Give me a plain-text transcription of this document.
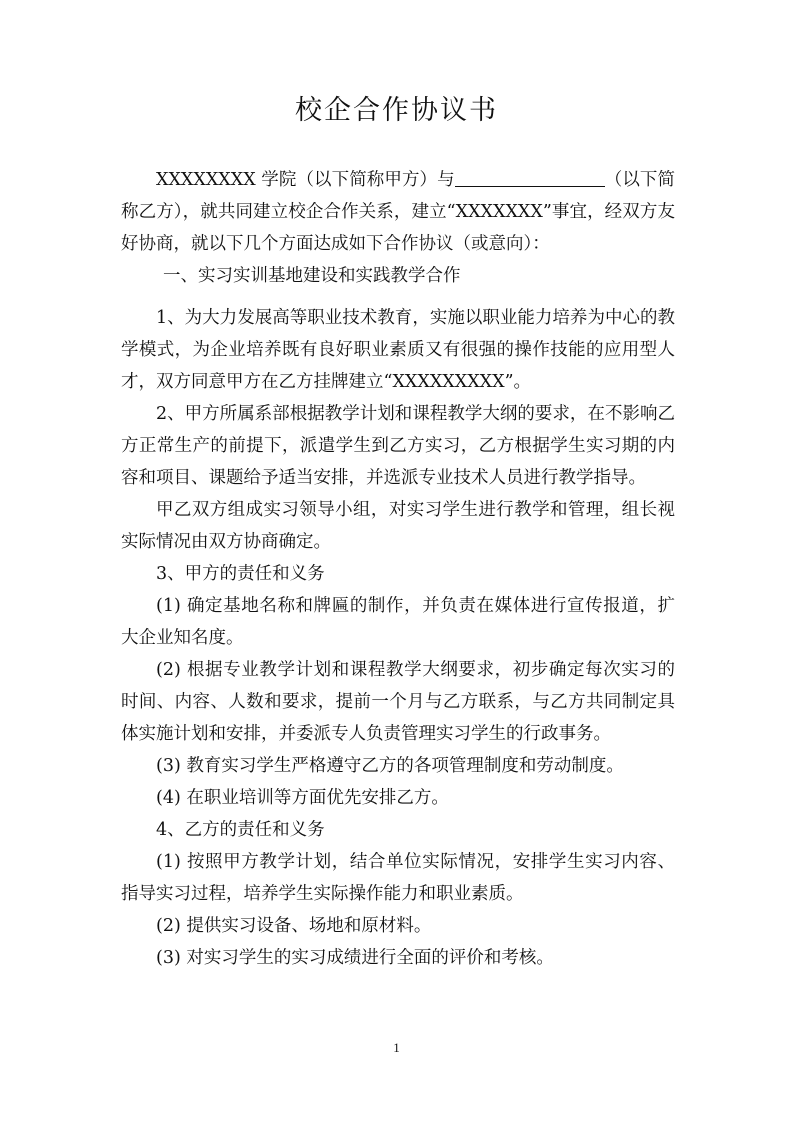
校企合作协议书

XXXXXXXX 学院（以下简称甲方）与	（以下简称乙方），就共同建立校企合作关系，建立“XXXXXXX”事宜，经双方友好协商，就以下几个方面达成如下合作协议（或意向）：

一、实习实训基地建设和实践教学合作

1、为大力发展高等职业技术教育，实施以职业能力培养为中心的教学模式，为企业培养既有良好职业素质又有很强的操作技能的应用型人才，双方同意甲方在乙方挂牌建立“XXXXXXXXX”。

2、甲方所属系部根据教学计划和课程教学大纲的要求，在不影响乙方正常生产的前提下，派遣学生到乙方实习，乙方根据学生实习期的内容和项目、课题给予适当安排，并选派专业技术人员进行教学指导。

甲乙双方组成实习领导小组，对实习学生进行教学和管理，组长视实际情况由双方协商确定。

3、甲方的责任和义务

(1) 确定基地名称和牌匾的制作，并负责在媒体进行宣传报道，扩大企业知名度。

(2) 根据专业教学计划和课程教学大纲要求，初步确定每次实习的时间、内容、人数和要求，提前一个月与乙方联系，与乙方共同制定具体实施计划和安排，并委派专人负责管理实习学生的行政事务。

(3) 教育实习学生严格遵守乙方的各项管理制度和劳动制度。

(4) 在职业培训等方面优先安排乙方。

4、乙方的责任和义务

(1) 按照甲方教学计划，结合单位实际情况，安排学生实习内容、指导实习过程，培养学生实际操作能力和职业素质。

(2) 提供实习设备、场地和原材料。

(3) 对实习学生的实习成绩进行全面的评价和考核。

1
